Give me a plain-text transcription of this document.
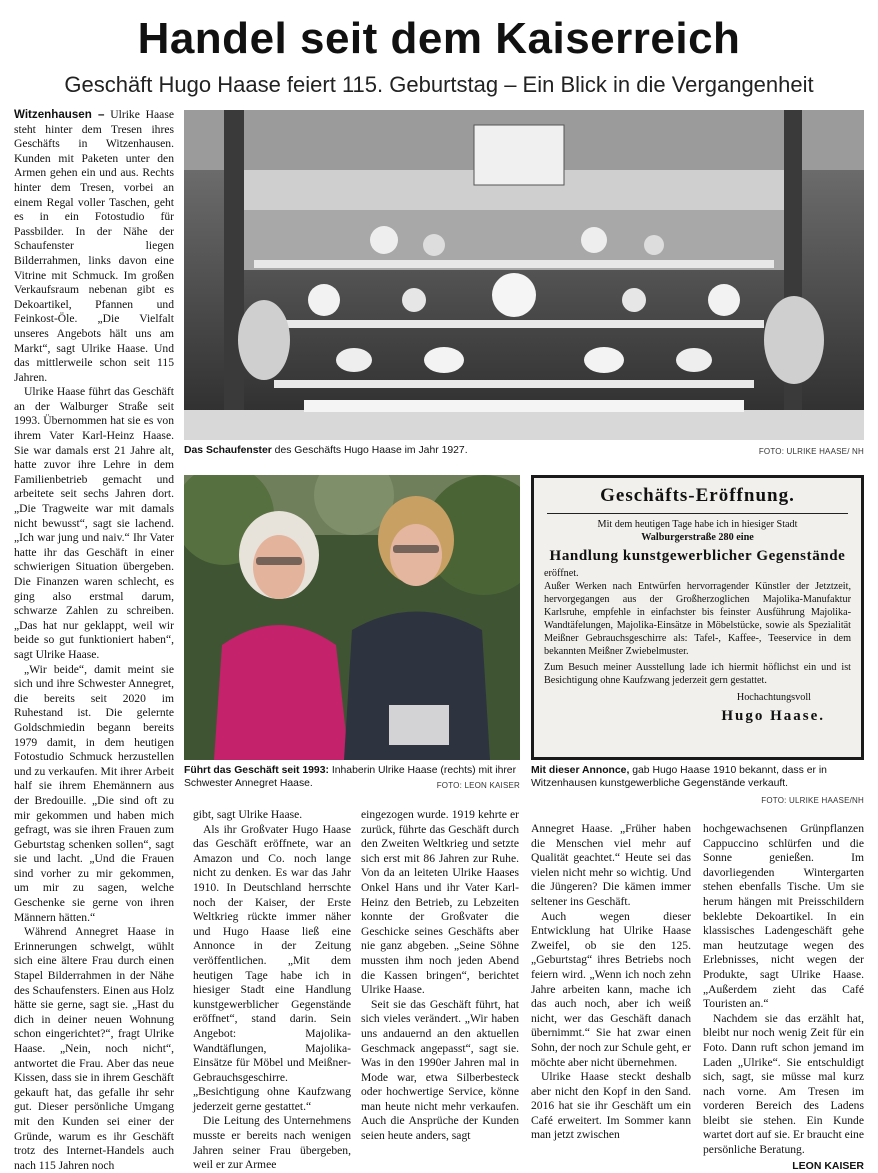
Handel seit dem Kaiserreich
Geschäft Hugo Haase feiert 115. Geburtstag – Ein Blick in die Vergangenheit

Witzenhausen – Ulrike Haase steht hinter dem Tresen ihres Geschäfts in Witzenhausen. Kunden mit Paketen unter den Armen gehen ein und aus. Rechts hinter dem Tresen, vorbei an einem Regal voller Taschen, geht es in ein Fotostudio für Passbilder. In der Nähe der Schaufenster liegen Bilderrahmen, links davon eine Vitrine mit Schmuck. Im großen Verkaufsraum nebenan gibt es Dekoartikel, Pfannen und Feinkost-Öle. „Die Vielfalt unseres Angebots hält uns am Markt“, sagt Ulrike Haase. Und das mittlerweile schon seit 115 Jahren.

Ulrike Haase führt das Geschäft an der Walburger Straße seit 1993. Übernommen hat sie es von ihrem Vater Karl-Heinz Haase. Sie war damals erst 21 Jahre alt, hatte zuvor ihre Lehre in dem Familienbetrieb gemacht und arbeitete seit sechs Jahren dort. „Die Tragweite war mit damals nicht bewusst“, sagt sie lachend. „Ich war jung und naiv.“ Ihr Vater hatte ihr das Geschäft in einer schwierigen Situation übergeben. Die Finanzen waren schlecht, es ging also erstmal darum, schwarze Zahlen zu schreiben. „Das hat nur geklappt, weil wir beide so gut funktioniert haben“, sagt Ulrike Haase.

„Wir beide“, damit meint sie sich und ihre Schwester Annegret, die bereits seit 2020 im Ruhestand ist. Die gelernte Goldschmiedin begann bereits 1979 damit, in dem heutigen Fotostudio Schmuck herzustellen und zu verkaufen. Mit ihrer Arbeit half sie ihrem Ehemännern aus der Bredouille. „Die sind oft zu mir gekommen und haben mich gefragt, was sie ihren Frauen zum Geburtstag schenken sollen“, sagt sie und lacht. „Und die Frauen sind vorher zu mir gekommen, um mir zu sagen, welche Geschenke sie gerne von ihren Männern hätten.“

Während Annegret Haase in Erinnerungen schwelgt, wühlt sich eine ältere Frau durch einen Stapel Bilderrahmen in der Nähe des Schaufensters. Einen aus Holz hätte sie gerne, sagt sie. „Hast du dich in deiner neuen Wohnung schon eingerichtet?“, fragt Ulrike Haase. „Nein, noch nicht“, antwortet die Frau. Aber das neue Kissen, dass sie in ihrem Geschäft gekauft hat, das gefalle ihr sehr gut. Dieser persönliche Umgang mit den Kunden sei einer der Gründe, warum es ihr Geschäft trotz des Internet-Handels auch nach 115 Jahren noch

Das Schaufenster des Geschäfts Hugo Haase im Jahr 1927.	FOTO: ULRIKE HAASE/ NH
Führt das Geschäft seit 1993: Inhaberin Ulrike Haase (rechts) mit ihrer Schwester Annegret Haase.	FOTO: LEON KAISER
Geschäfts-Eröffnung.
Mit dem heutigen Tage habe ich in hiesiger Stadt
Walburgerstraße 280 eine
Handlung kunstgewerblicher Gegenstände
eröffnet.
Außer Werken nach Entwürfen hervorragender Künstler der Jetztzeit, hervorgegangen aus der Großherzoglichen Majolika-Manufaktur Karlsruhe, empfehle in einfachster bis feinster Ausführung Majolika-Wandtäfelungen, Majolika-Einsätze in Möbelstücke, sowie als Spezialität Meißner Gebrauchsgeschirre als: Tafel-, Kaffee-, Teeservice in dem bekannten Meißner Zwiebelmuster.
Zum Besuch meiner Ausstellung lade ich hiermit höflichst ein und ist Besichtigung ohne Kaufzwang jederzeit gern gestattet.
Hochachtungsvoll
Hugo Haase.
Mit dieser Annonce, gab Hugo Haase 1910 bekannt, dass er in Witzenhausen kunstgewerbliche Gegenstände verkauft.
FOTO: ULRIKE HAASE/NH

gibt, sagt Ulrike Haase.

Als ihr Großvater Hugo Haase das Geschäft eröffnete, war an Amazon und Co. noch lange nicht zu denken. Es war das Jahr 1910. In Deutschland herrschte noch der Kaiser, der Erste Weltkrieg rückte immer näher und Hugo Haase ließ eine Annonce in der Zeitung veröffentlichen. „Mit dem heutigen Tage habe ich in hiesiger Stadt eine Handlung kunstgewerblicher Gegenstände eröffnet“, stand darin. Sein Angebot: Majolika-Wandtäflungen, Majolika-Einsätze für Möbel und Meißner-Gebrauchsgeschirre. „Besichtigung ohne Kaufzwang jederzeit gerne gestattet.“

Die Leitung des Unternehmens musste er bereits nach wenigen Jahren seiner Frau übergeben, weil er zur Armee

eingezogen wurde. 1919 kehrte er zurück, führte das Geschäft durch den Zweiten Weltkrieg und setzte sich erst mit 86 Jahren zur Ruhe. Von da an leiteten Ulrike Haases Onkel Hans und ihr Vater Karl-Heinz den Betrieb, zu Lebzeiten konnte der Großvater die Geschicke seines Geschäfts aber nie ganz abgeben. „Seine Söhne mussten ihm noch jeden Abend die Kassen bringen“, berichtet Ulrike Haase.

Seit sie das Geschäft führt, hat sich vieles verändert. „Wir haben uns andauernd an den aktuellen Geschmack angepasst“, sagt sie. Was in den 1990er Jahren mal in Mode war, etwa Silberbesteck oder hochwertige Service, könne man heute nicht mehr verkaufen. Auch die Ansprüche der Kunden seien heute anders, sagt

Annegret Haase. „Früher haben die Menschen viel mehr auf Qualität geachtet.“ Heute sei das vielen nicht mehr so wichtig. Und die Jüngeren? Die kämen immer seltener ins Geschäft.

Auch wegen dieser Entwicklung hat Ulrike Haase Zweifel, ob sie den 125. „Geburtstag“ ihres Betriebs noch feiern wird. „Wenn ich noch zehn Jahre arbeiten kann, mache ich das auch noch, aber ich weiß nicht, wer das Geschäft danach übernimmt.“ Sie hat zwar einen Sohn, der noch zur Schule geht, er möchte aber nicht übernehmen.

Ulrike Haase steckt deshalb aber nicht den Kopf in den Sand. 2016 hat sie ihr Geschäft um ein Café erweitert. Im Sommer kann man jetzt zwischen

hochgewachsenen Grünpflanzen Cappuccino schlürfen und die Sonne genießen. Im davorliegenden Wintergarten stehen ebenfalls Tische. Um sie herum hängen mit Preisschildern beklebte Dekoartikel. In ein klassisches Ladengeschäft gehe man heutzutage wegen des Erlebnisses, nicht wegen der Produkte, sagt Ulrike Haase. „Außerdem zieht das Café Touristen an.“

Nachdem sie das erzählt hat, bleibt nur noch wenig Zeit für ein Foto. Dann ruft schon jemand im Laden „Ulrike“. Sie entschuldigt sich, sagt, sie müsse mal kurz nach vorne. Am Tresen im vorderen Bereich des Ladens bleibt sie stehen. Ein Kunde wartet dort auf sie. Er braucht eine persönliche Beratung.

LEON KAISER
